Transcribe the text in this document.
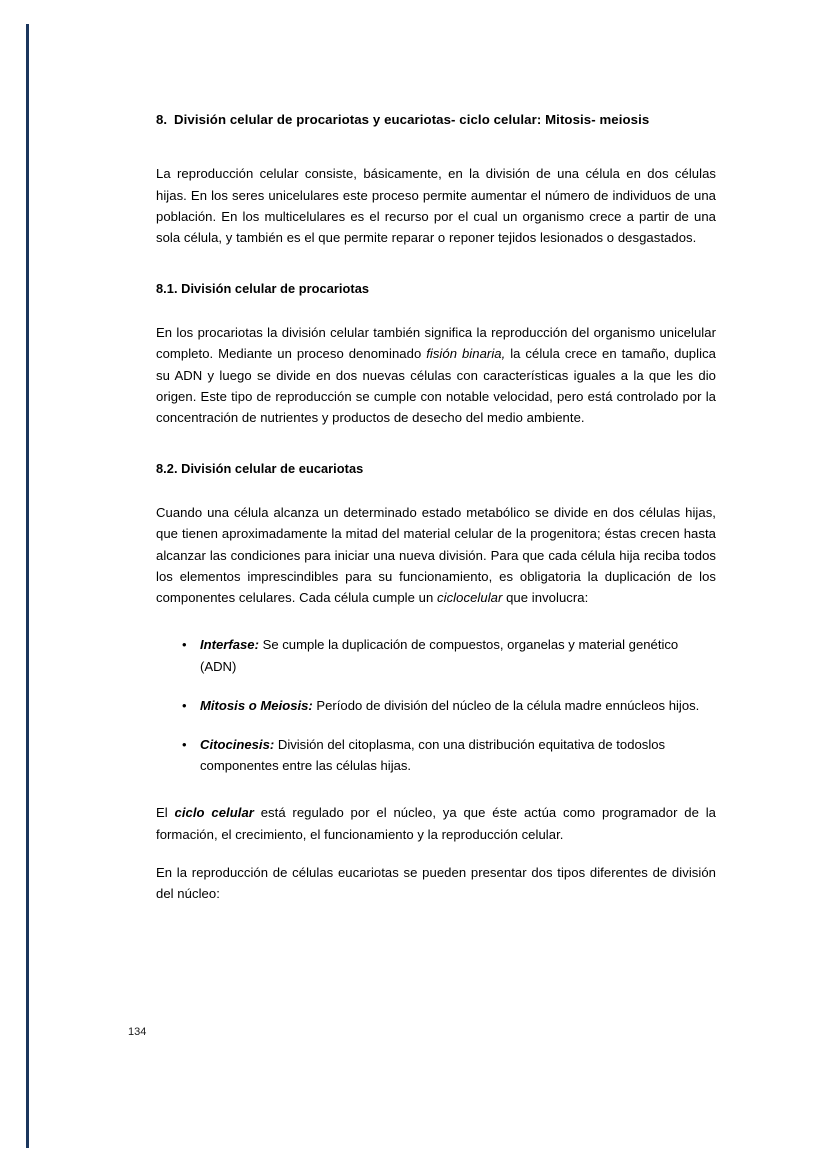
8. División celular de procariotas y eucariotas- ciclo celular: Mitosis- meiosis

La reproducción celular consiste, básicamente, en la división de una célula en dos células hijas. En los seres unicelulares este proceso permite aumentar el número de individuos de una población. En los multicelulares es el recurso por el cual un organismo crece a partir de una sola célula, y también es el que permite reparar o reponer tejidos lesionados o desgastados.

8.1. División celular de procariotas

En los procariotas la división celular también significa la reproducción del organismo unicelular completo. Mediante un proceso denominado fisión binaria, la célula crece en tamaño, duplica su ADN y luego se divide en dos nuevas células con características iguales a la que les dio origen. Este tipo de reproducción se cumple con notable velocidad, pero está controlado por la concentración de nutrientes y productos de desecho del medio ambiente.

8.2. División celular de eucariotas

Cuando una célula alcanza un determinado estado metabólico se divide en dos células hijas, que tienen aproximadamente la mitad del material celular de la progenitora; éstas crecen hasta alcanzar las condiciones para iniciar una nueva división. Para que cada célula hija reciba todos los elementos imprescindibles para su funcionamiento, es obligatoria la duplicación de los componentes celulares. Cada célula cumple un ciclocelular que involucra:

• Interfase: Se cumple la duplicación de compuestos, organelas y material genético (ADN)
• Mitosis o Meiosis: Período de división del núcleo de la célula madre ennúcleos hijos.
• Citocinesis: División del citoplasma, con una distribución equitativa de todoslos componentes entre las células hijas.

El ciclo celular está regulado por el núcleo, ya que éste actúa como programador de la formación, el crecimiento, el funcionamiento y la reproducción celular.

En la reproducción de células eucariotas se pueden presentar dos tipos diferentes de división del núcleo:

134
